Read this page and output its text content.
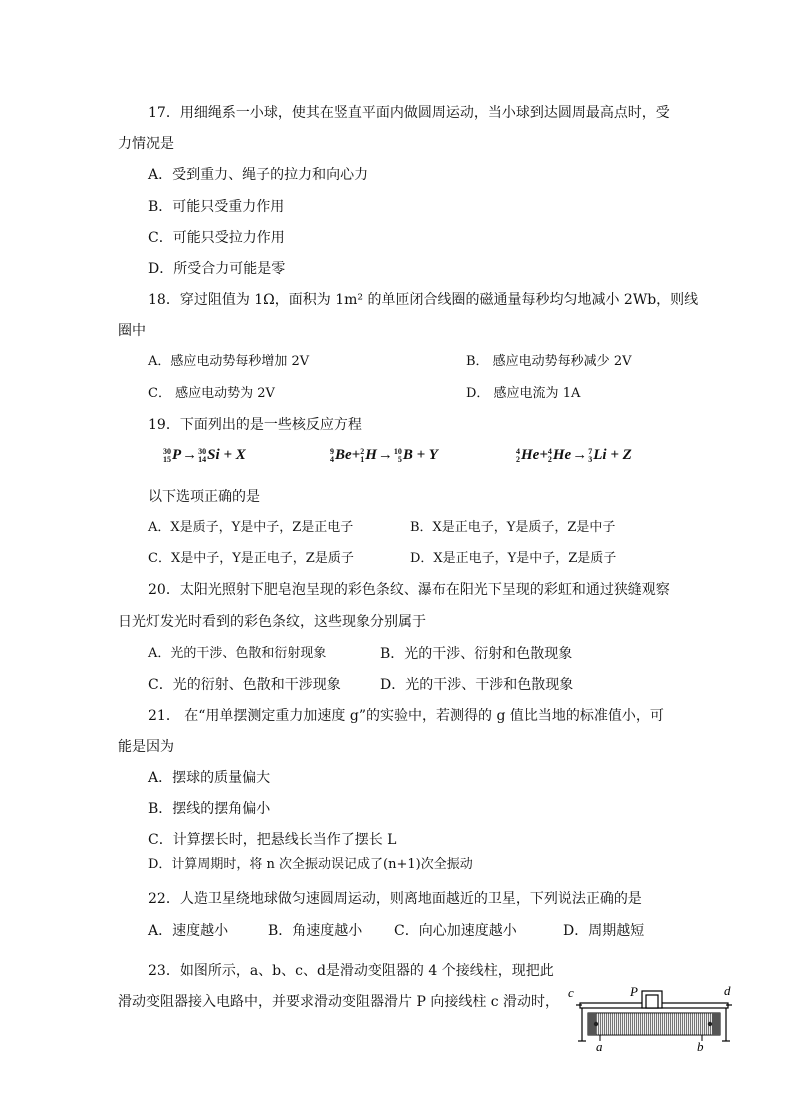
17．用细绳系一小球，使其在竖直平面内做圆周运动，当小球到达圆周最高点时，受
力情况是
A．受到重力、绳子的拉力和向心力
B．可能只受重力作用
C．可能只受拉力作用
D．所受合力可能是零
18．穿过阻值为 1Ω，面积为 1m² 的单匝闭合线圈的磁通量每秒均匀地减小 2Wb，则线
圈中
A．感应电动势每秒增加 2V	B． 感应电动势每秒减少 2V
C． 感应电动势为 2V	D． 感应电流为 1A
19．下面列出的是一些核反应方程
30
15 P→ 30
14 Si + X	9
4 Be+ 2
1 H→ 10
5 B + Y	4
2 He+ 4
2 He→ 7
3 Li + Z
以下选项正确的是
A．X是质子，Y是中子，Z是正电子	B．X是正电子，Y是质子，Z是中子
C．X是中子，Y是正电子，Z是质子	D．X是正电子，Y是中子，Z是质子
20．太阳光照射下肥皂泡呈现的彩色条纹、瀑布在阳光下呈现的彩虹和通过狭缝观察
日光灯发光时看到的彩色条纹，这些现象分别属于
A．光的干涉、色散和衍射现象	B．光的干涉、衍射和色散现象
C．光的衍射、色散和干涉现象	D．光的干涉、干涉和色散现象
21． 在“用单摆测定重力加速度 g”的实验中，若测得的 g 值比当地的标准值小，可
能是因为
A．摆球的质量偏大
B．摆线的摆角偏小
C．计算摆长时，把悬线长当作了摆长 L
D．计算周期时，将 n 次全振动误记成了(n+1)次全振动
22．人造卫星绕地球做匀速圆周运动，则离地面越近的卫星，下列说法正确的是
A．速度越小	B．角速度越小 C．向心加速度越小	D．周期越短
23．如图所示，a、b、c、d是滑动变阻器的 4 个接线柱，现把此
滑动变阻器接入电路中，并要求滑动变阻器滑片 P 向接线柱 c 滑动时，
c	d
P
a	b
